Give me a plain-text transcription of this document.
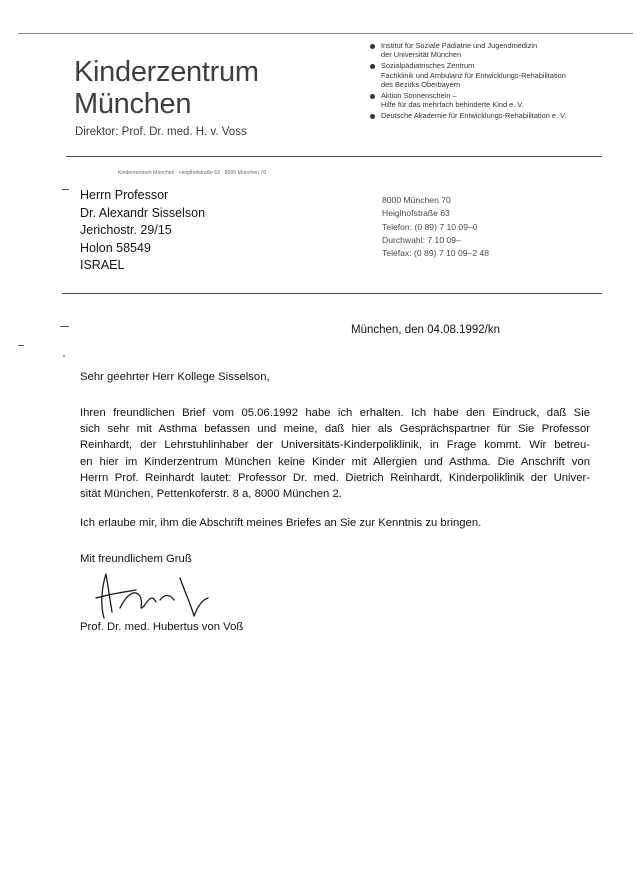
Kinderzentrum
München
Direktor: Prof. Dr. med. H. v. Voss
Institut für Soziale Pädiatrie und Jugendmedizin
der Universität München
Sozialpädiatrisches Zentrum
Fachklinik und Ambulanz für Entwicklungs-Rehabilitation
des Bezirks Oberbayern
Aktion Sonnenschein –
Hilfe für das mehrfach behinderte Kind e. V.
Deutsche Akademie für Entwicklungs-Rehabilitation e. V.
Kinderzentrum München · Heiglhofstraße 63 · 8000 München 70
Herrn Professor
Dr. Alexandr Sisselson
Jerichostr. 29/15
Holon 58549
ISRAEL
8000 München 70
Heiglhofstraße 63
Telefon: (0 89) 7 10 09–0
Durchwahl: 7 10 09–
Telefax: (0 89) 7 10 09–2 48
München, den 04.08.1992/kn
Sehr geehrter Herr Kollege Sisselson,
Ihren freundlichen Brief vom 05.06.1992 habe ich erhalten. Ich habe den Eindruck, daß Sie
sich sehr mit Asthma befassen und meine, daß hier als Gesprächspartner für Sie Professor
Reinhardt, der Lehrstuhlinhaber der Universitäts-Kinderpoliklinik, in Frage kommt. Wir betreu-
en hier im Kinderzentrum München keine Kinder mit Allergien und Asthma. Die Anschrift von
Herrn Prof. Reinhardt lautet: Professor Dr. med. Dietrich Reinhardt, Kinderpoliklinik der Univer-
sität München, Pettenkoferstr. 8 a, 8000 München 2.
Ich erlaube mir, ihm die Abschrift meines Briefes an Sie zur Kenntnis zu bringen.
Mit freundlichem Gruß
Prof. Dr. med. Hubertus von Voß
